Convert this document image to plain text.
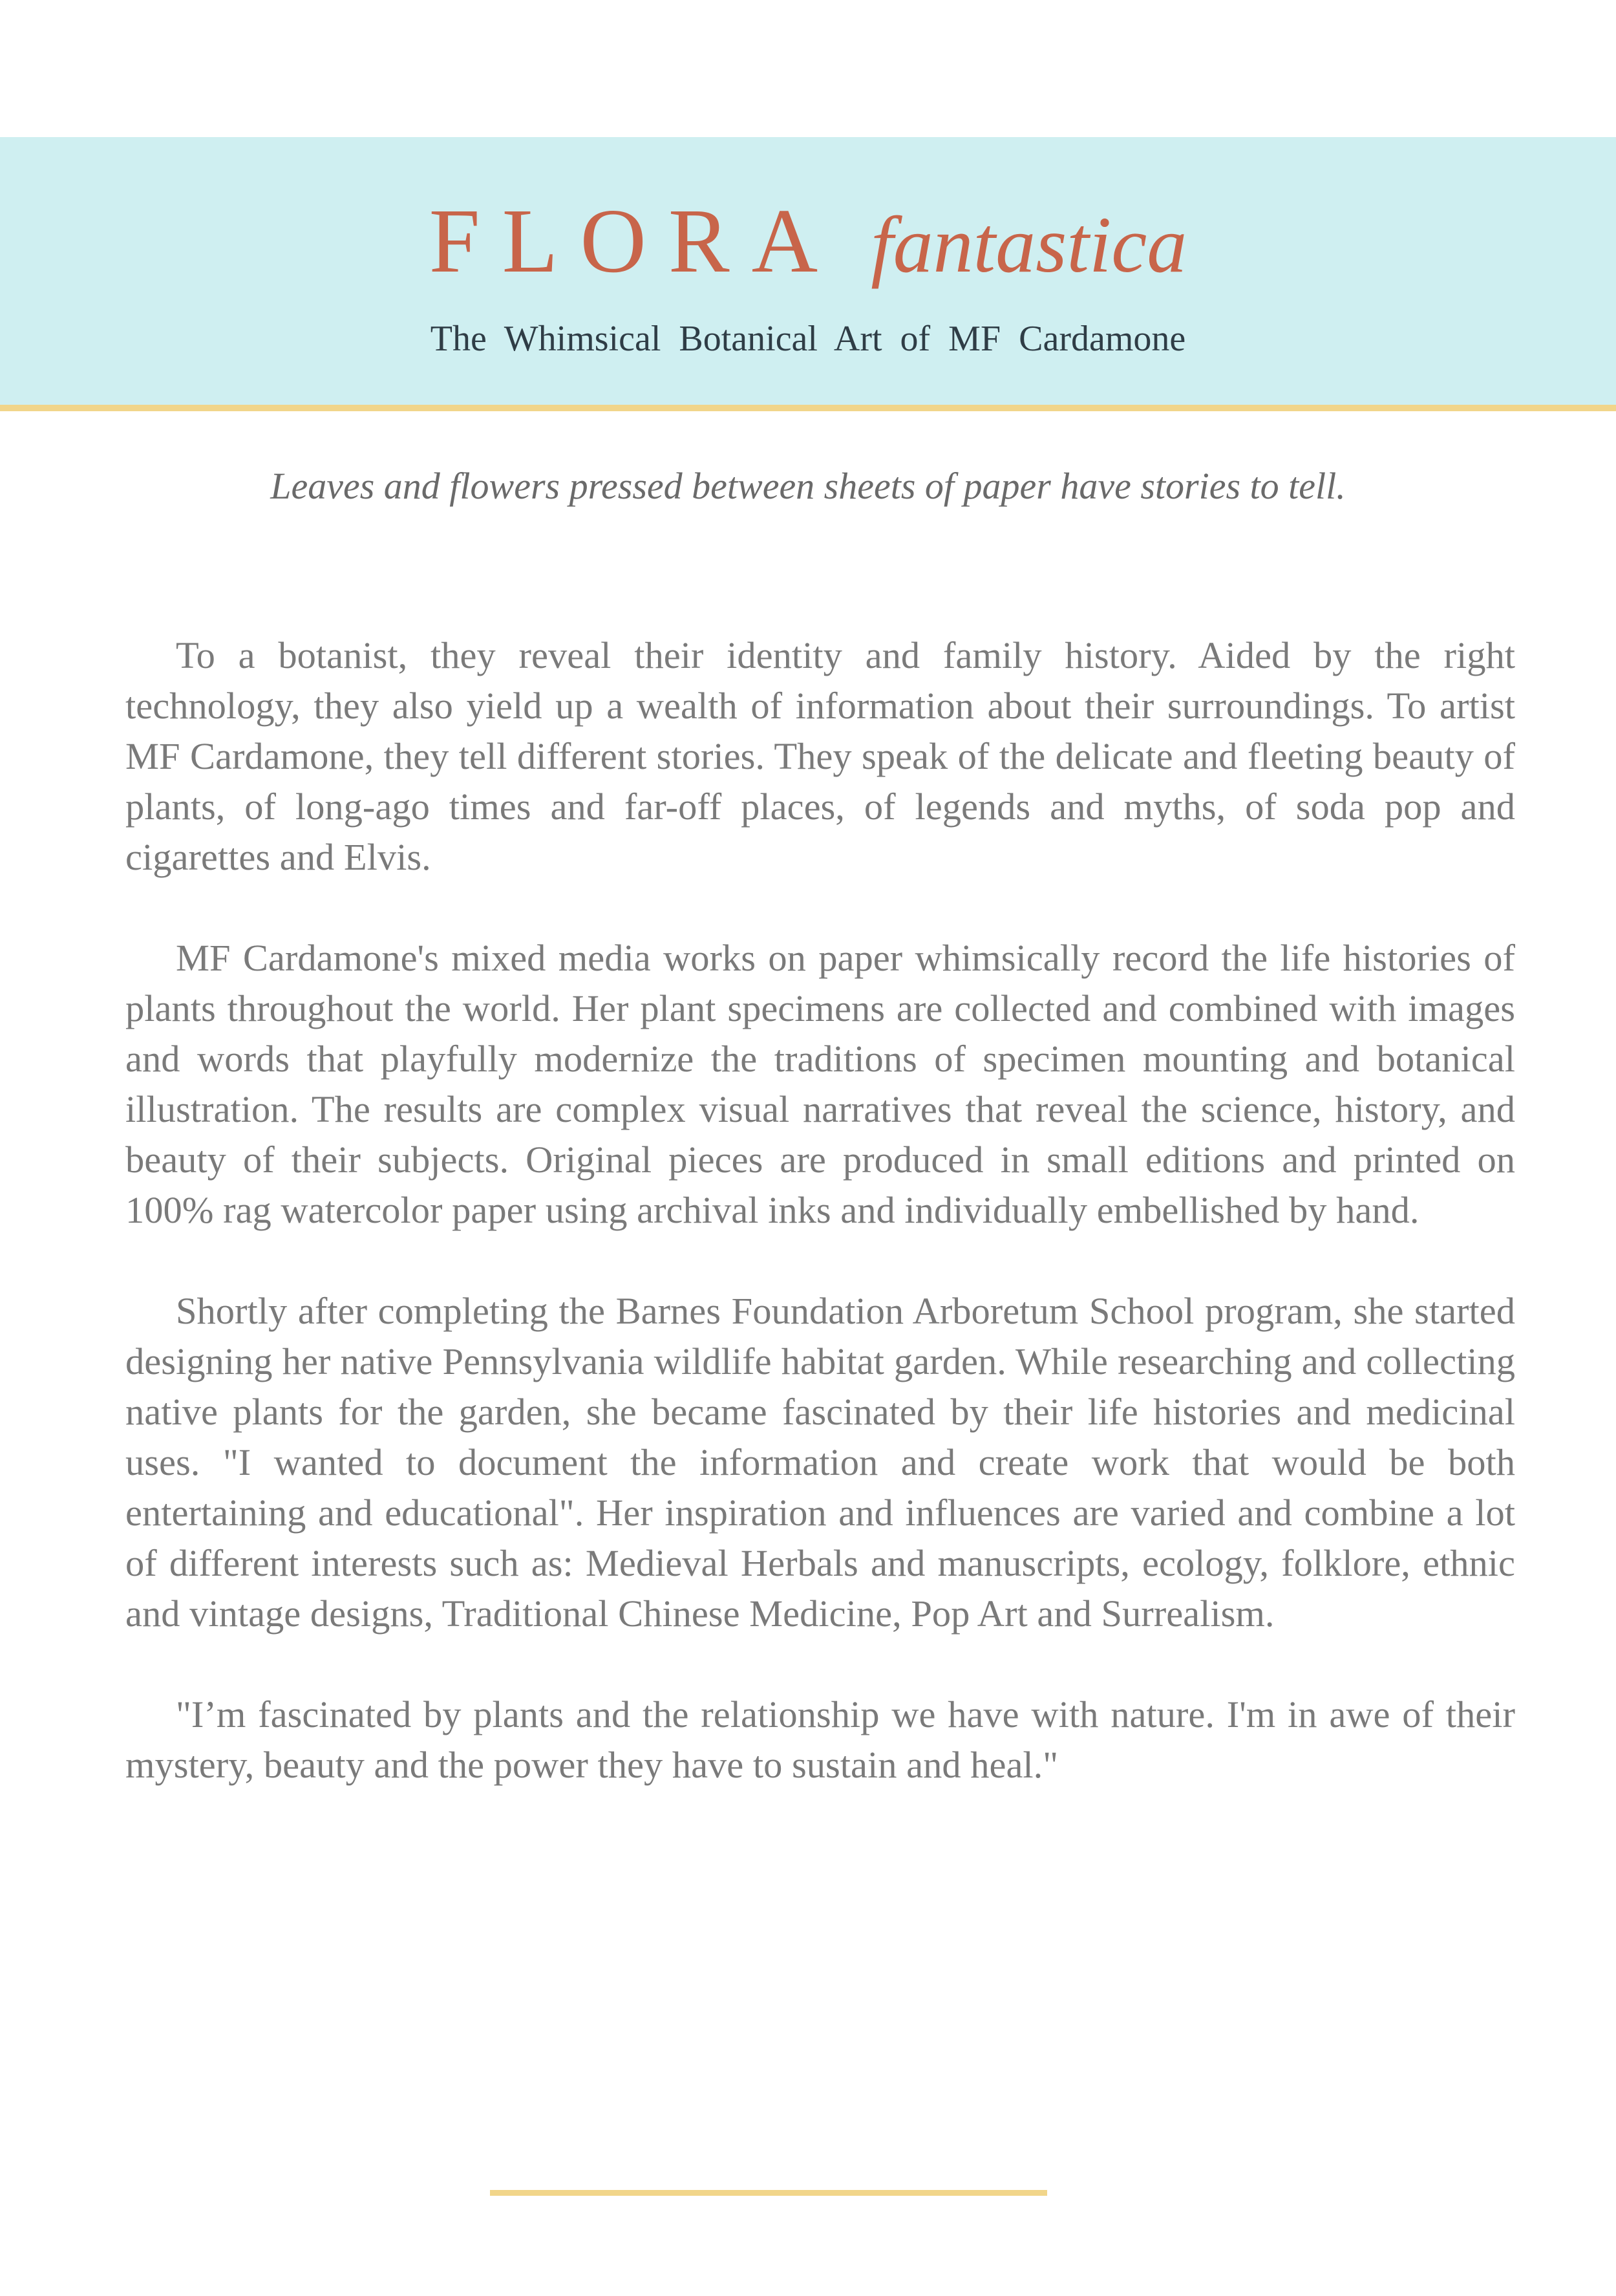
FLORA fantastica
The Whimsical Botanical Art of MF Cardamone
Leaves and flowers pressed between sheets of paper have stories to tell.

To a botanist, they reveal their identity and family history. Aided by the right technology, they also yield up a wealth of information about their surroundings. To artist MF Cardamone, they tell different stories. They speak of the delicate and fleeting beauty of plants, of long-ago times and far-off places, of legends and myths, of soda pop and cigarettes and Elvis.

MF Cardamone's mixed media works on paper whimsically record the life histories of plants throughout the world. Her plant specimens are collected and combined with images and words that playfully modernize the traditions of specimen mounting and botanical illustration. The results are complex visual narratives that reveal the science, history, and beauty of their subjects. Original pieces are produced in small editions and printed on 100% rag watercolor paper using archival inks and individually embellished by hand.

Shortly after completing the Barnes Foundation Arboretum School program, she started designing her native Pennsylvania wildlife habitat garden. While researching and collecting native plants for the garden, she became fascinated by their life histories and medicinal uses. "I wanted to document the information and create work that would be both entertaining and educational". Her inspiration and influences are varied and combine a lot of different interests such as: Medieval Herbals and manuscripts, ecology, folklore, ethnic and vintage designs, Traditional Chinese Medicine, Pop Art and Surrealism.

"I’m fascinated by plants and the relationship we have with nature. I'm in awe of their mystery, beauty and the power they have to sustain and heal."
